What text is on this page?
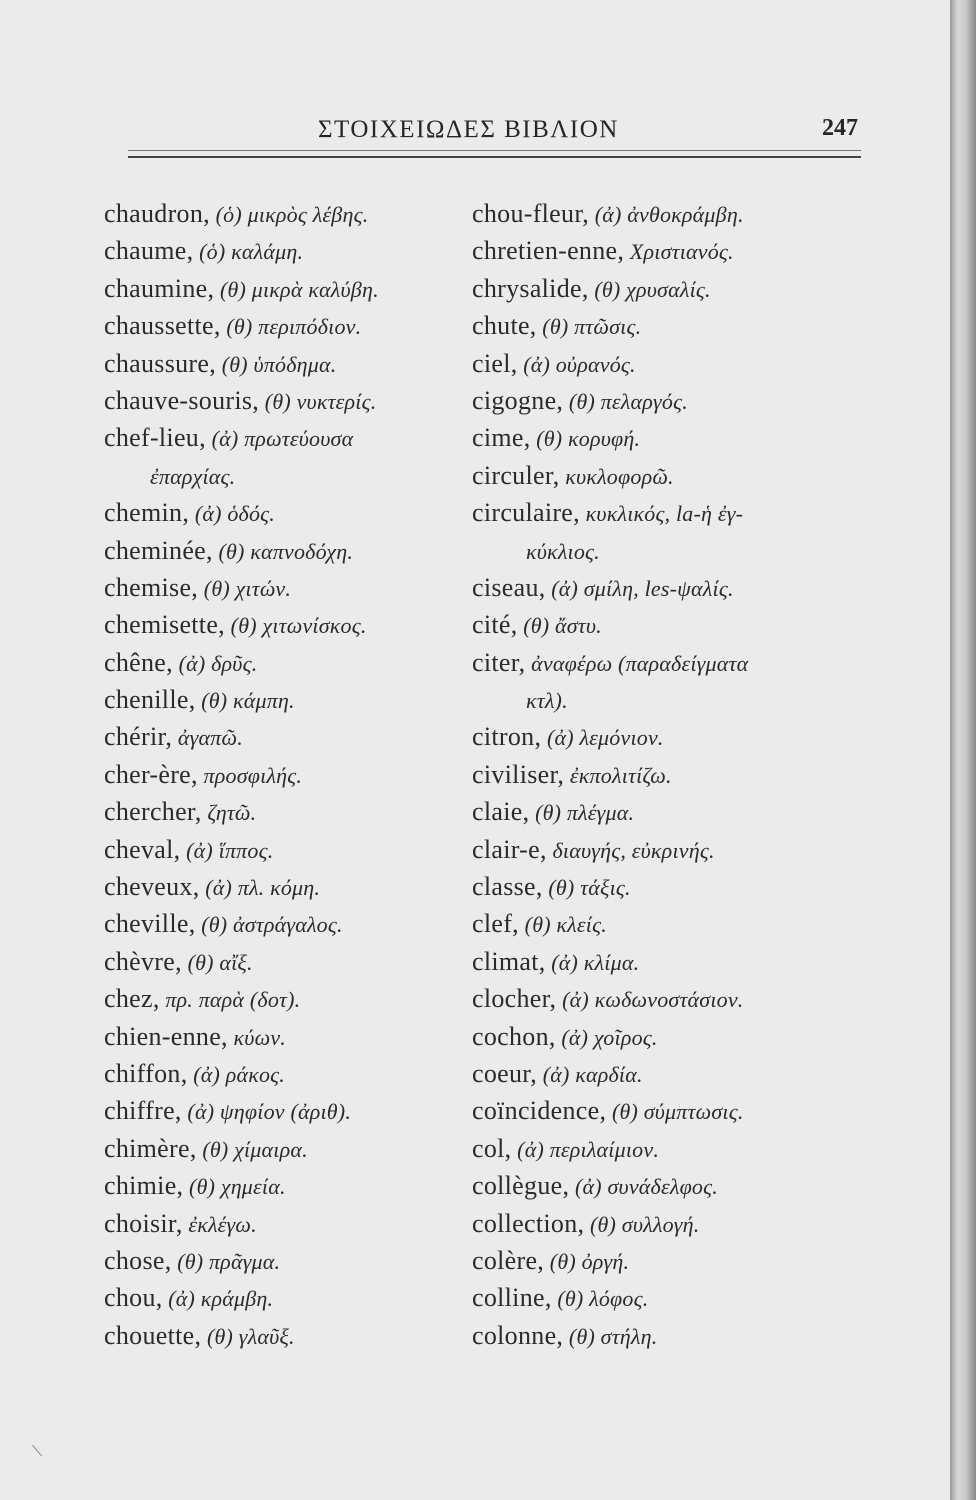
ΣΤΟΙΧΕΙΩΔΕΣ ΒΙΒΛΙΟΝ	247
chaudron, (ὁ) μικρὸς λέβης.
chaume, (ὁ) καλάμη.
chaumine, (θ) μικρὰ καλύβη.
chaussette, (θ) περιπόδιον.
chaussure, (θ) ὑπόδημα.
chauve-souris, (θ) νυκτερίς.
chef-lieu, (ἀ) πρωτεύουσα
ἐπαρχίας.
chemin, (ἀ) ὁδός.
cheminée, (θ) καπνοδόχη.
chemise, (θ) χιτών.
chemisette, (θ) χιτωνίσκος.
chêne, (ἀ) δρῦς.
chenille, (θ) κάμπη.
chérir, ἀγαπῶ.
cher-ère, προσφιλής.
chercher, ζητῶ.
cheval, (ἀ) ἵππος.
cheveux, (ἀ) πλ. κόμη.
cheville, (θ) ἀστράγαλος.
chèvre, (θ) αἴξ.
chez, πρ. παρὰ (δοτ).
chien-enne, κύων.
chiffon, (ἀ) ράκος.
chiffre, (ἀ) ψηφίον (ἀριθ).
chimère, (θ) χίμαιρα.
chimie, (θ) χημεία.
choisir, ἐκλέγω.
chose, (θ) πρᾶγμα.
chou, (ἀ) κράμβη.
chouette, (θ) γλαῦξ.
chou-fleur, (ἀ) ἀνθοκράμβη.
chretien-enne, Χριστιανός.
chrysalide, (θ) χρυσαλίς.
chute, (θ) πτῶσις.
ciel, (ἀ) οὐρανός.
cigogne, (θ) πελαργός.
cime, (θ) κορυφή.
circuler, κυκλοφορῶ.
circulaire, κυκλικός, la-ἡ ἐγ-
κύκλιος.
ciseau, (ἀ) σμίλη, les-ψαλίς.
cité, (θ) ἄστυ.
citer, ἀναφέρω (παραδείγματα
κτλ).
citron, (ἀ) λεμόνιον.
civiliser, ἐκπολιτίζω.
claie, (θ) πλέγμα.
clair-e, διαυγής, εὐκρινής.
classe, (θ) τάξις.
clef, (θ) κλείς.
climat, (ἀ) κλίμα.
clocher, (ἀ) κωδωνοστάσιον.
cochon, (ἀ) χοῖρος.
coeur, (ἀ) καρδία.
coïncidence, (θ) σύμπτωσις.
col, (ἀ) περιλαίμιον.
collègue, (ἀ) συνάδελφος.
collection, (θ) συλλογή.
colère, (θ) ὀργή.
colline, (θ) λόφος.
colonne, (θ) στήλη.
